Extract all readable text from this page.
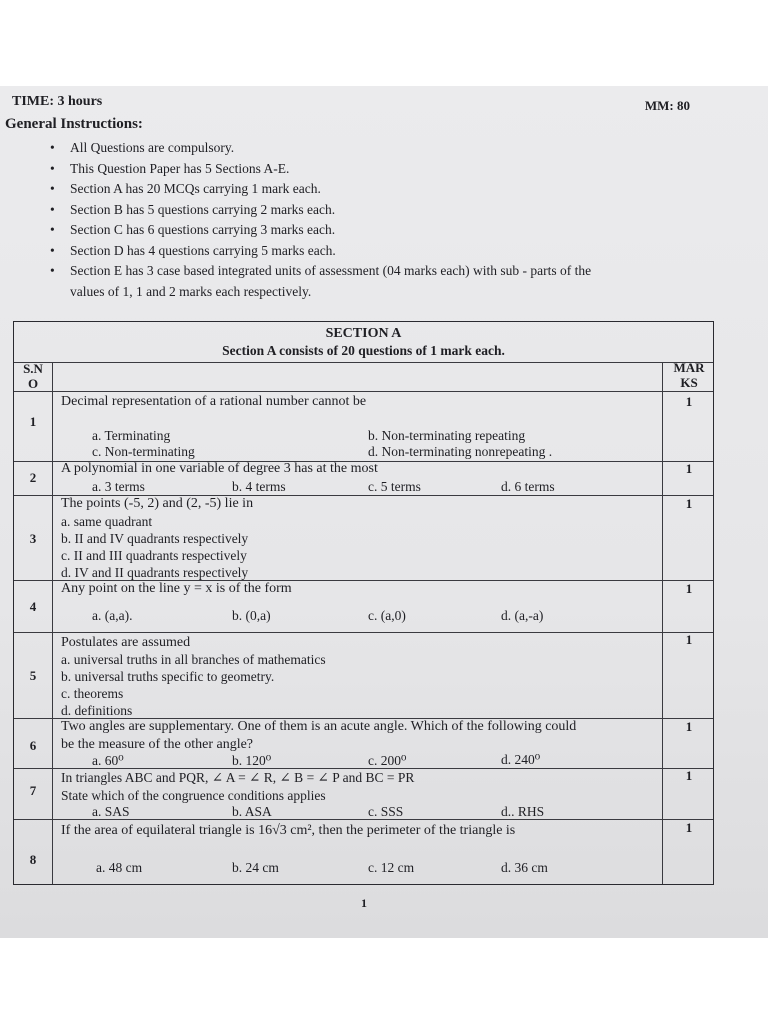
TIME: 3 hours	MM: 80
General Instructions:
• All Questions are compulsory.
• This Question Paper has 5 Sections A-E.
• Section A has 20 MCQs carrying 1 mark each.
• Section B has 5 questions carrying 2 marks each.
• Section C has 6 questions carrying 3 marks each.
• Section D has 4 questions carrying 5 marks each.
• Section E has 3 case based integrated units of assessment (04 marks each) with sub - parts of the
values of 1, 1 and 2 marks each respectively.
SECTION A
Section A consists of 20 questions of 1 mark each.
S.N
O
MAR
KS
1
Decimal representation of a rational number cannot be	1
a. Terminating	b. Non-terminating repeating
c. Non-terminating	d. Non-terminating nonrepeating .
2
A polynomial in one variable of degree 3 has at the most	1
a. 3 terms	b. 4 terms	c. 5 terms	d. 6 terms
3
The points (-5, 2) and (2, -5) lie in	1
a. same quadrant
b. II and IV quadrants respectively
c. II and III quadrants respectively
d. IV and II quadrants respectively
4
Any point on the line y = x is of the form	1
a. (a,a).	b. (0,a)	c. (a,0)	d. (a,-a)
5
Postulates are assumed	1
a. universal truths in all branches of mathematics
b. universal truths specific to geometry.
c. theorems
d. definitions
6
Two angles are supplementary. One of them is an acute angle. Which of the following could
be the measure of the other angle?
1
a. 60⁰	b. 120⁰	c. 200⁰	d. 240⁰
7
In triangles ABC and PQR, ∠ A = ∠ R, ∠ B = ∠ P and BC = PR
State which of the congruence conditions applies
1
a. SAS	b. ASA	c. SSS	d.. RHS
8
If the area of equilateral triangle is 16√3 cm², then the perimeter of the triangle is	1
a. 48 cm	b. 24 cm	c. 12 cm	d. 36 cm
1
